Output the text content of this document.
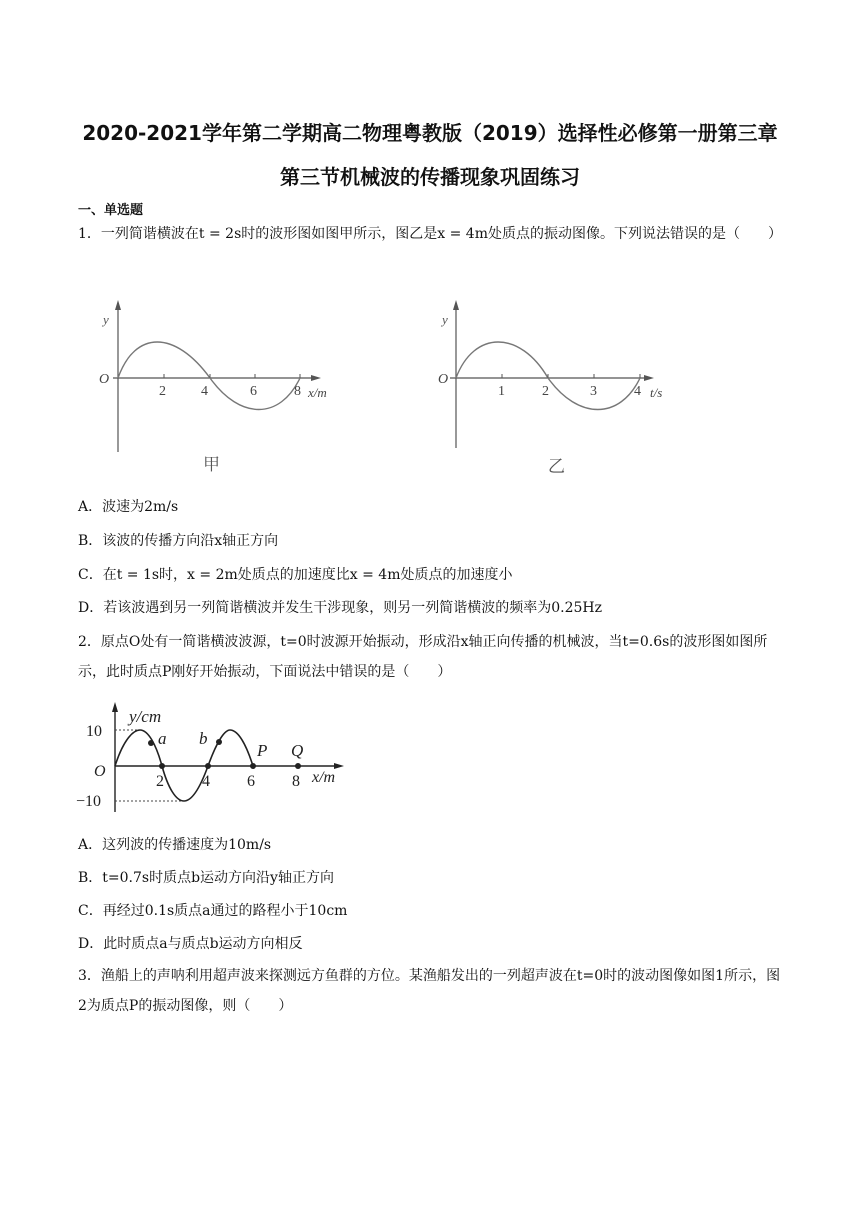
2020-2021学年第二学期高二物理粤教版（2019）选择性必修第一册第三章
第三节机械波的传播现象巩固练习
一、单选题

1．一列简谐横波在t = 2s时的波形图如图甲所示，图乙是x = 4m处质点的振动图像。下列说法错误的是（　　）

y
O
2	4	6	8 x/m
甲
y
O
1	2	3	4 t/s
乙
A．波速为2m/s
B．该波的传播方向沿x轴正方向
C．在t = 1s时，x = 2m处质点的加速度比x = 4m处质点的加速度小
D．若该波遇到另一列简谐横波并发生干涉现象，则另一列简谐横波的频率为0.25Hz

2．原点O处有一简谐横波波源，t=0时波源开始振动，形成沿x轴正向传播的机械波，当t=0.6s的波形图如图所示，此时质点P刚好开始振动，下面说法中错误的是（　　）

y/cm
10
−10
O
2 4 6 8 x/m
a b
P Q
A．这列波的传播速度为10m/s
B．t=0.7s时质点b运动方向沿y轴正方向
C．再经过0.1s质点a通过的路程小于10cm
D．此时质点a与质点b运动方向相反

3．渔船上的声呐利用超声波来探测远方鱼群的方位。某渔船发出的一列超声波在t=0时的波动图像如图1所示，图2为质点P的振动图像，则（　　）
